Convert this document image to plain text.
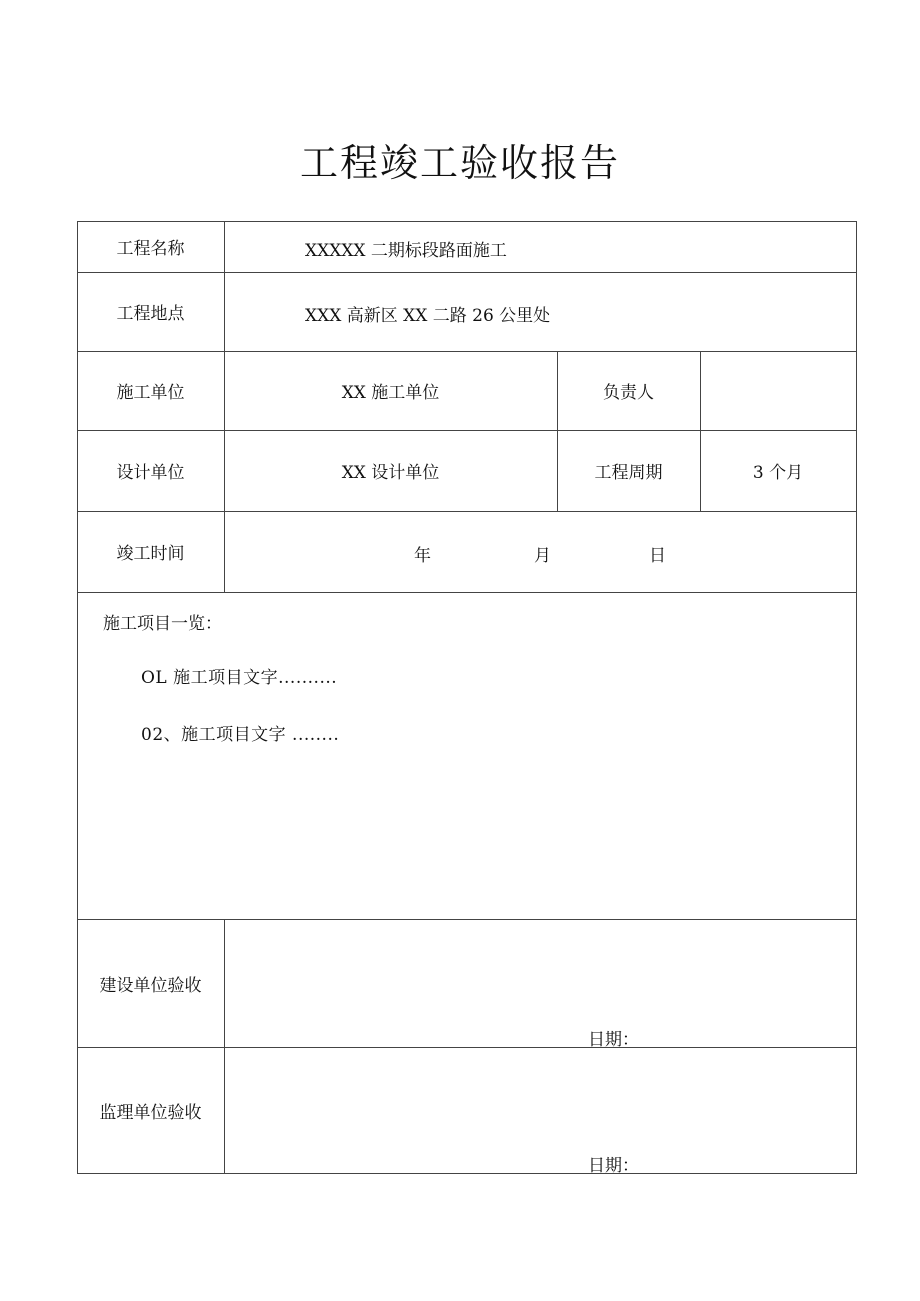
工程竣工验收报告
工程名称	XXXXX 二期标段路面施工
工程地点	XXX 高新区 XX 二路 26 公里处
施工单位	XX 施工单位	负责人
设计单位	XX 设计单位	工程周期	3 个月
竣工时间	年	月	日
施工项目一览：
OL 施工项目文字..........
02、施工项目文字 ........
建设单位验收
日期：
监理单位验收
日期：
